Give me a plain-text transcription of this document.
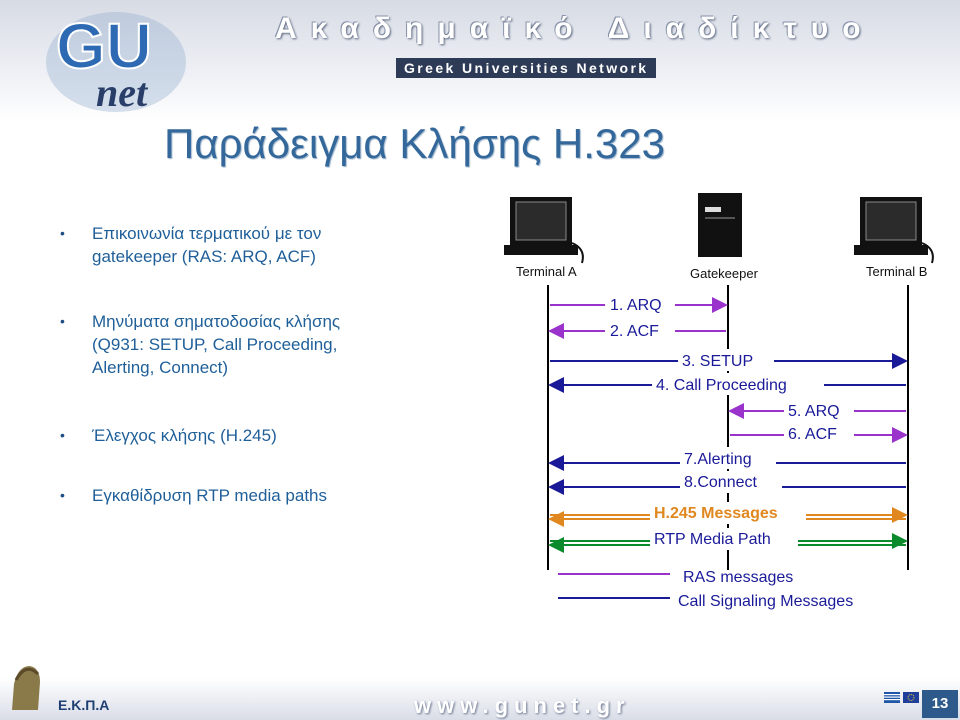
GU
net
Ακαδημαϊκό Διαδίκτυο
Greek Universities Network
Παράδειγμα Κλήσης H.323
• Επικοινωνία τερματικού με τον
gatekeeper (RAS: ARQ, ACF)
• Μηνύματα σηματοδοσίας κλήσης
(Q931: SETUP, Call Proceeding,
Alerting, Connect)
• Έλεγχος κλήσης (H.245)
• Εγκαθίδρυση RTP media paths
Terminal A	Gatekeeper	Terminal B
1. ARQ
2. ACF
3. SETUP
4. Call Proceeding
5. ARQ
6. ACF
7.Alerting
8.Connect
H.245 Messages
RTP Media Path
RAS messages
Call Signaling Messages
Ε.Κ.Π.Α	www.gunet.gr	13
